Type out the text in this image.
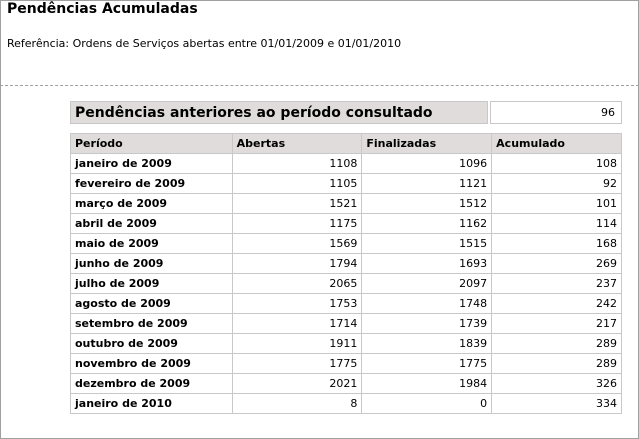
Pendências Acumuladas
Referência: Ordens de Serviços abertas entre 01/01/2009 e 01/01/2010
Pendências anteriores ao período consultado		96
Período	Abertas	Finalizadas	Acumulado
janeiro de 2009	1108	1096	108
fevereiro de 2009	1105	1121	92
março de 2009	1521	1512	101
abril de 2009	1175	1162	114
maio de 2009	1569	1515	168
junho de 2009	1794	1693	269
julho de 2009	2065	2097	237
agosto de 2009	1753	1748	242
setembro de 2009	1714	1739	217
outubro de 2009	1911	1839	289
novembro de 2009	1775	1775	289
dezembro de 2009	2021	1984	326
janeiro de 2010	8	0	334
